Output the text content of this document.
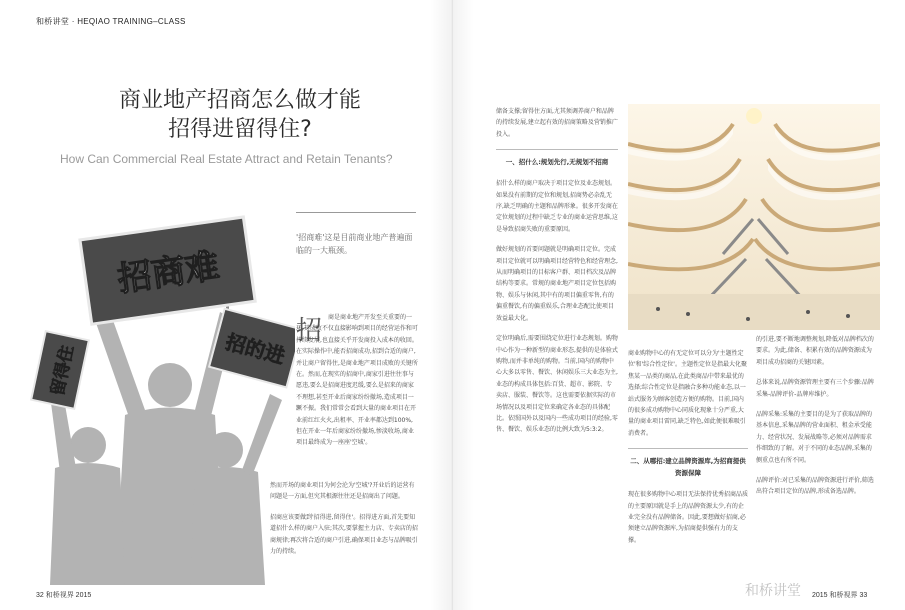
和桥讲堂 · HEQIAO TRAINING–CLASS
商业地产招商怎么做才能
招得进留得住?
How Can Commercial Real Estate Attract and Retain Tenants?
招商难
招的进
留得住
'招商难'这是目前商业地产普遍面临的一大瓶颈。
招 商是商业地产开发至关重要的一环,其成败不仅直接影响到项目的经营运作和可持续发展,也直接关乎开发商投入成本的收回。在实际操作中,能否招商成功,招到合适的商户,并让商户留得住,是商业地产项目成败的关键所在。然而,在现实的招商中,商家引进往往事与愿违,要么是招商进度迟缓,要么是招来的商家不理想,甚至开业后商家纷纷撤场,造成项目一蹶不振。我们常常会看到大量的商业项目在开业前红红火火,出租率、开业率都达到100%,但在开业一年后商家纷纷撤场,惨淡收场,商业项目最终成为一座座'空城'。

然而开场的商业项目为何会沦为'空城'?开业后的运营有问题是一方面,但究其根源往往还是招商出了问题。

招商应该要做到'招得进,留得住'。招得进方面,首先要知道招什么样的商户入驻;其次,要掌握主力店、专卖店的招商规律;再次将合适的商户引进,确保项目业态与品牌吸引力的持续。

储备支撑;留得住方面,尤其须调养商户和品牌的持续发展,建立起有效的招商策略及营销推广投入。

一、招什么:规划先行,无规划不招商

招什么样的商户取决于项目定位及业态规划。如果没有前期的定位和规划,招商势必杂乱无序,缺乏明确的主题和品牌形象。很多开发商在定位规划的过程中缺乏专业的商业运营思维,这是导致招商失败的重要原因。

做好规划的首要问题就是明确项目定位。完成项目定位就可以明确项目经营特色和经营理念,从而明确项目的目标客户群、项目档次及品牌结构等要求。常规的商业地产项目定位包括购物、娱乐与休闲,其中有的项目偏重零售,有的偏重餐饮,有的偏重娱乐,合理业态配比使项目效益最大化。

定位明确后,需要围绕定位进行业态规划。购物中心作为一种新型的商业形态,提供的是体验式购物,而并非单纯的购物。当前,国内的购物中心大多以零售、餐饮、休闲娱乐三大业态为主,业态的构成具体包括:百货、超市、影院、专卖店、服装、餐饮等。这也需要依据实际的市场情况以及项目定位来确定各业态的具体配比。依照国外以及国内一些成功项目的经验,零售、餐饮、娱乐业态的比例大致为5:3:2。

商业购物中心的有无定位可以分为'主题性定位'和'综合性定位'。主题性定位是指最大化聚焦某一品类的商品,在此类商品中带来最优的选择;综合性定位是指融合多种功能业态,以一站式服务为顾客创造方便的购物。目前,国内的很多成功购物中心同质化现象十分严重,大量的商业项目雷同,缺乏特色,如此便很难吸引消费者。

二、从哪招:建立品牌资源库,为招商提供资源保障

现在很多购物中心项目无法保持优秀招商品质的主要原因就是手上的品牌资源太少,有的企业完全没有品牌储备。因此,要想做好招商,必须建立品牌资源库,为招商提供强有力的支撑。

的引进,要不断地调整规划,降低对品牌档次的要求。为此,储备、积累有效的品牌资源成为项目成功招商的关键因素。

总体来说,品牌资源管理主要有三个步骤:品牌采集-品牌评价-品牌库维护。

品牌采集:采集的主要目的是为了获取品牌的基本信息,采集品牌的营业面积、租金承受能力、经营状况、发展战略等,必须对品牌需求作细致的了解。对于不同的业态品牌,采集的侧重点也有所不同。

品牌评价:对已采集的品牌资源进行评价,筛选出符合项目定位的品牌,形成备选品牌。

32 和桥视界 2015	2015 和桥视界 33
和桥讲堂
